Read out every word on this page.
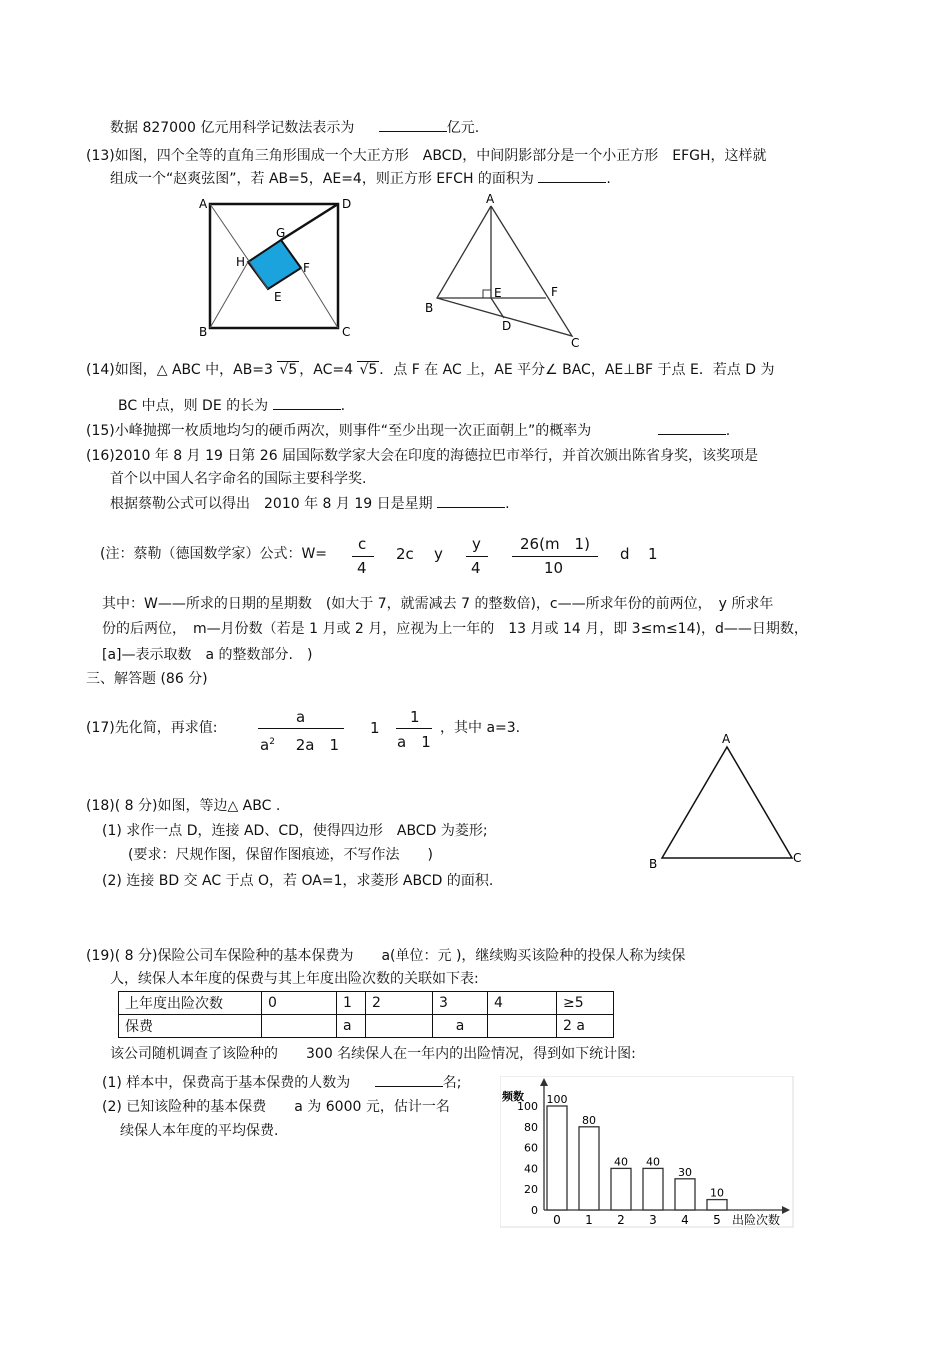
数据 827000 亿元用科学记数法表示为	亿元.
(13)如图，四个全等的直角三角形围成一个大正方形　ABCD，中间阴影部分是一个小正方形　EFGH，这样就
组成一个“赵爽弦图”，若 AB=5，AE=4，则正方形 EFCH 的面积为	.
A	D
B	C
G
H	F
E
A
B
C
D
E	F
(14)如图，△ ABC 中，AB=3 √5 ，AC=4 √5 ．点 F 在 AC 上，AE 平分∠ BAC，AE⊥BF 于点 E．若点 D 为
BC 中点，则 DE 的长为	.
(15)小峰抛掷一枚质地均匀的硬币两次，则事件“至少出现一次正面朝上”的概率为	.
(16)2010 年 8 月 19 日第 26 届国际数学家大会在印度的海德拉巴市举行，并首次颁出陈省身奖，该奖项是
首个以中国人名字命名的国际主要科学奖.
根据蔡勒公式可以得出　2010 年 8 月 19 日是星期	.
(注：蔡勒（德国数学家）公式：W=
c
4
2c y
y
4
26(m　1)
10
d 1
其中：W——所求的日期的星期数　(如大于 7，就需减去 7 的整数倍)，c——所求年份的前两位，　y 所求年
份的后两位，　m—月份数（若是 1 月或 2 月，应视为上一年的　13 月或 14 月，即 3≤m≤14)，d——日期数，
[a]—表示取数　a 的整数部分.　)
三、解答题 (86 分)
(17)先化简，再求值:
a
$a^2$ 2a　1
1
1
a　1
，其中 a=3.
A
B	C
(18)( 8 分)如图，等边△ ABC .
(1) 求作一点 D，连接 AD、CD，使得四边形　ABCD 为菱形;
(要求：尺规作图，保留作图痕迹，不写作法　　)
(2) 连接 BD 交 AC 于点 O，若 OA=1，求菱形 ABCD 的面积.
(19)( 8 分)保险公司车保险种的基本保费为　　a(单位：元 )，继续购买该险种的投保人称为续保
人，续保人本年度的保费与其上年度出险次数的关联如下表:
上年度出险次数	0	1	2	3	4	≥5
保费		a		a		2 a
该公司随机调查了该险种的　　300 名续保人在一年内的出险情况，得到如下统计图:
(1) 样本中，保费高于基本保费的人数为	名;
(2) 已知该险种的基本保费　　a 为 6000 元，估计一名
续保人本年度的平均保费.
0
20
40
60
80
100
频数 100
0
80
1
40
2
40
3
30
4
10
5 出险次数
